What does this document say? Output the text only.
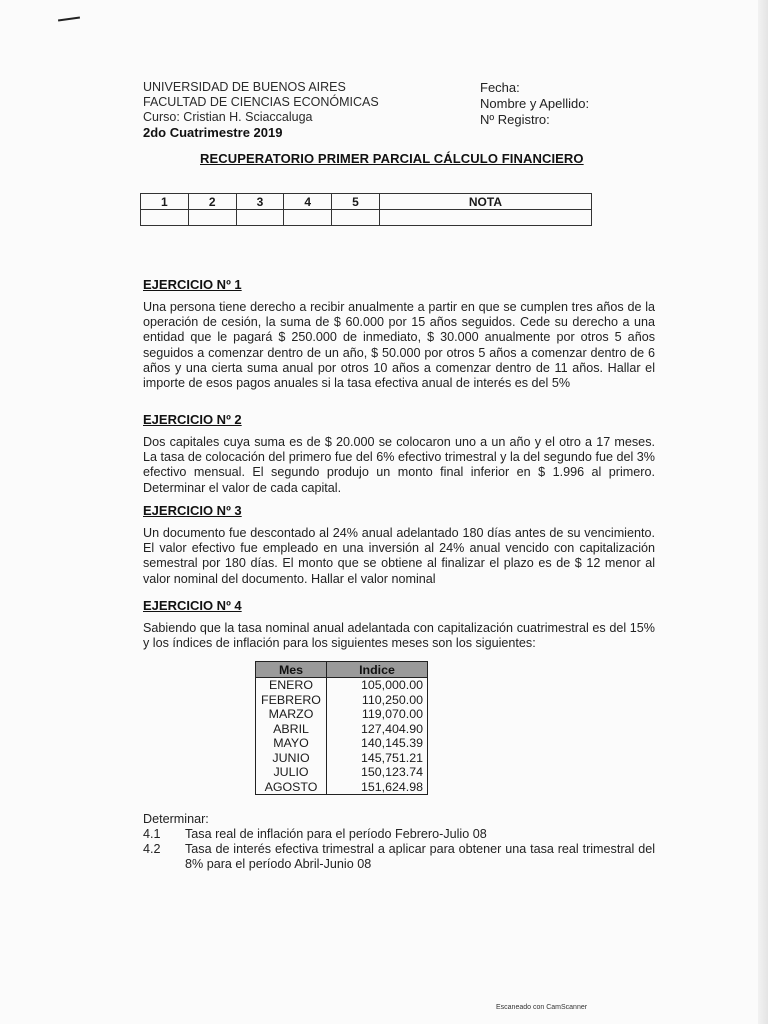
UNIVERSIDAD DE BUENOS AIRES
FACULTAD DE CIENCIAS ECONÓMICAS
Curso: Cristian H. Sciaccaluga
2do Cuatrimestre 2019
Fecha:
Nombre y Apellido:
Nº Registro:
RECUPERATORIO PRIMER PARCIAL CÁLCULO FINANCIERO
1	2	3	4	5	NOTA

EJERCICIO Nº 1

Una persona tiene derecho a recibir anualmente a partir en que se cumplen tres años de la operación de cesión, la suma de $ 60.000 por 15 años seguidos. Cede su derecho a una entidad que le pagará $ 250.000 de inmediato, $ 30.000 anualmente por otros 5 años seguidos a comenzar dentro de un año, $ 50.000 por otros 5 años a comenzar dentro de 6 años y una cierta suma anual por otros 10 años a comenzar dentro de 11 años. Hallar el importe de esos pagos anuales si la tasa efectiva anual de interés es del 5%

EJERCICIO Nº 2

Dos capitales cuya suma es de $ 20.000 se colocaron uno a un año y el otro a 17 meses. La tasa de colocación del primero fue del 6% efectivo trimestral y la del segundo fue del 3% efectivo mensual. El segundo produjo un monto final inferior en $ 1.996 al primero. Determinar el valor de cada capital.

EJERCICIO Nº 3

Un documento fue descontado al 24% anual adelantado 180 días antes de su vencimiento. El valor efectivo fue empleado en una inversión al 24% anual vencido con capitalización semestral por 180 días. El monto que se obtiene al finalizar el plazo es de $ 12 menor al valor nominal del documento. Hallar el valor nominal

EJERCICIO Nº 4

Sabiendo que la tasa nominal anual adelantada con capitalización cuatrimestral es del 15% y los índices de inflación para los siguientes meses son los siguientes:

Mes	Indice
ENERO	105,000.00
FEBRERO	110,250.00
MARZO	119,070.00
ABRIL	127,404.90
MAYO	140,145.39
JUNIO	145,751.21
JULIO	150,123.74
AGOSTO	151,624.98
Determinar:
4.1	Tasa real de inflación para el período Febrero-Julio 08
4.2	Tasa de interés efectiva trimestral a aplicar para obtener una tasa real trimestral del 8% para el período Abril-Junio 08
Escaneado con CamScanner
